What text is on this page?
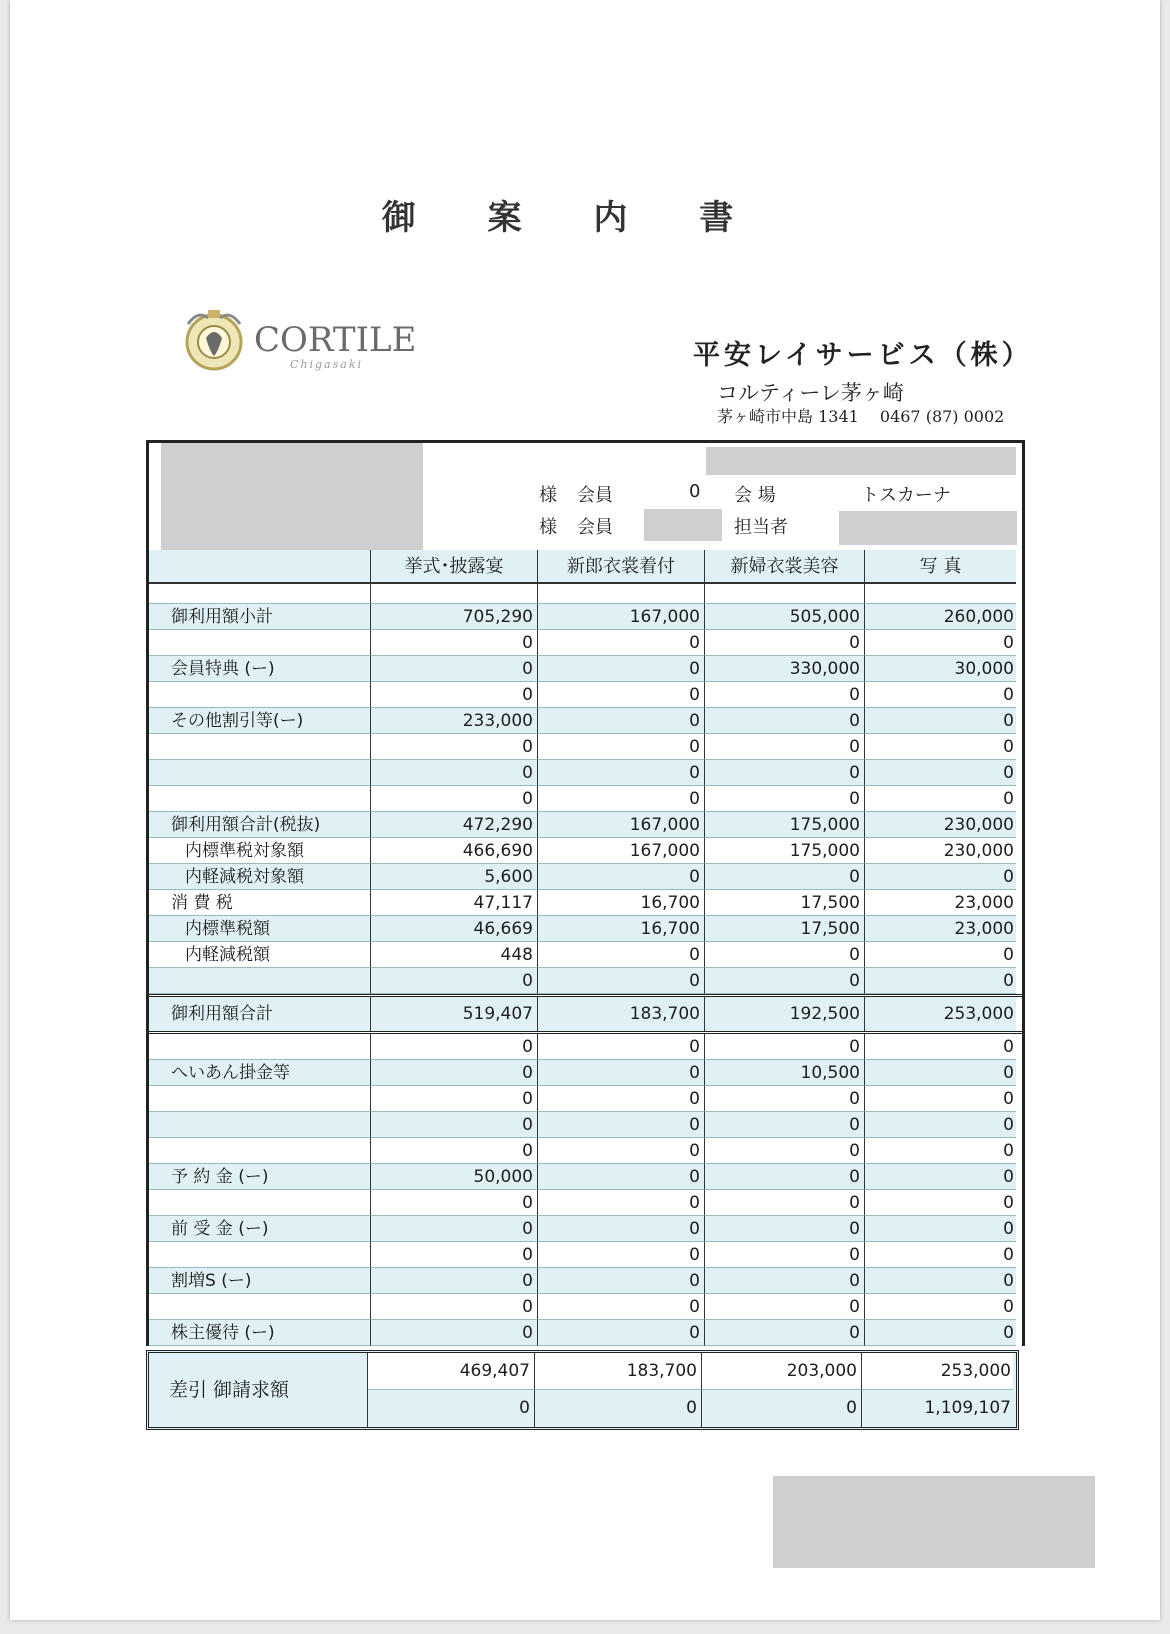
御 案 内 書
CORTILE
Chigasaki	平安レイサービス（株）
コルティーレ茅ヶ崎
茅ヶ崎市中島 1341　 0467 (87) 0002
様 会員	0 会 場	トスカーナ
様 会員	担当者
挙式･披露宴	新郎衣裳着付	新婦衣裳美容	写 真
御利用額小計	705,290	167,000	505,000	260,000
0	0	0	0
会員特典 (ー)	0	0	330,000	30,000
0	0	0	0
その他割引等(ー)	233,000	0	0	0
0	0	0	0
0	0	0	0
0	0	0	0
御利用額合計(税抜)	472,290	167,000	175,000	230,000
内標準税対象額	466,690	167,000	175,000	230,000
内軽減税対象額	5,600	0	0	0
消 費 税	47,117	16,700	17,500	23,000
内標準税額	46,669	16,700	17,500	23,000
内軽減税額	448	0	0	0
0	0	0	0
御利用額合計	519,407	183,700	192,500	253,000
0	0	0	0
へいあん掛金等	0	0	10,500	0
0	0	0	0
0	0	0	0
0	0	0	0
予 約 金 (ー)	50,000	0	0	0
0	0	0	0
前 受 金 (ー)	0	0	0	0
0	0	0	0
割増S (ー)	0	0	0	0
0	0	0	0
株主優待 (ー)	0	0	0	0
差引 御請求額
469,407	183,700	203,000	253,000
0	0	0	1,109,107
